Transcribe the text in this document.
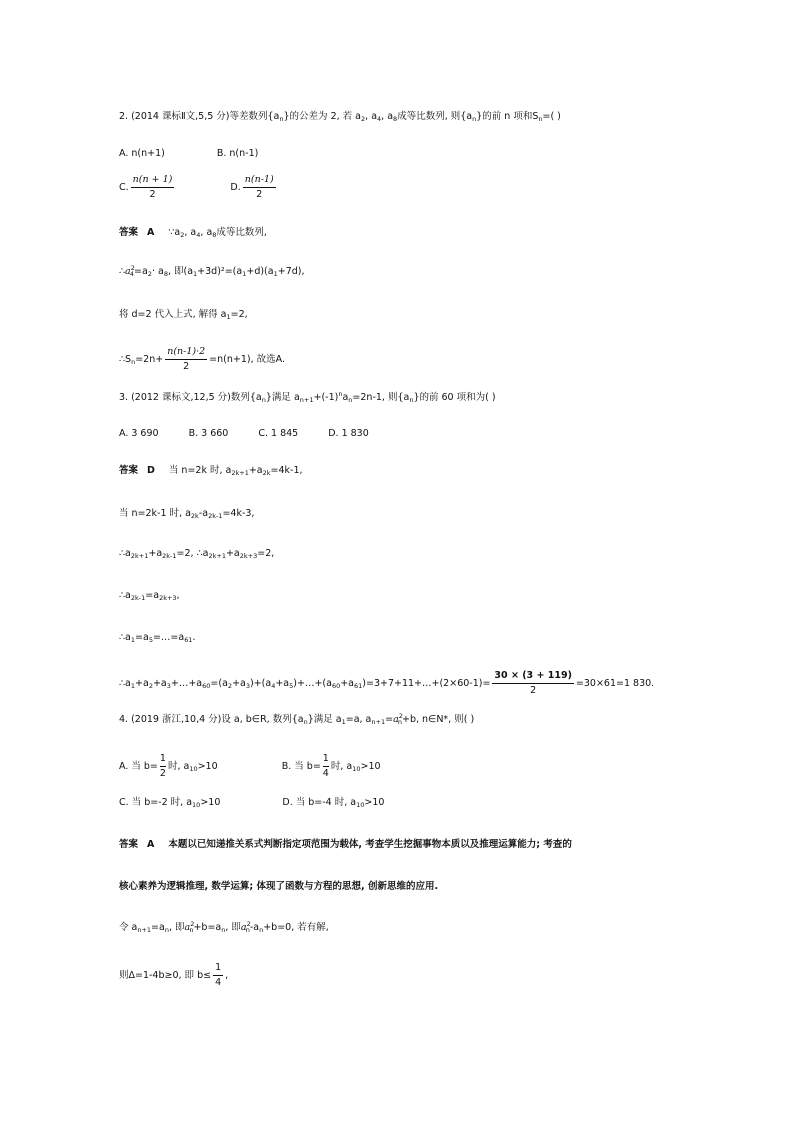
2. (2014 课标Ⅱ文,5,5 分)等差数列$\{a_n\}$的公差为 2, 若 $a_2$, $a_4$, $a_8$成等比数列, 则$\{a_n\}$的前 n 项和$S_n=$( )
A. n(n+1)	B. n(n-1)
C. $\frac{n(n + 1)}{2}$	D. $\frac{n(n-1)}{2}$
答案 A $\because a_2$, $a_4$, $a_8$成等比数列,
$\therefore a^2_4=a_2\cdot a_8$, 即$(a_1+3d)^2=(a_1+d)(a_1+7d)$,
将 d=2 代入上式, 解得 $a_1=2$,
$\therefore S_n=2n+ \frac{n(n-1)\cdot 2}{2} =n(n+1)$, 故选A.
3. (2012 课标文,12,5 分)数列$\{a_n\}$满足 $a_{n+1}+(-1)^na_n=2n-1$, 则$\{a_n\}$的前 60 项和为( )
A. 3 690	B. 3 660	C. 1 845	D. 1 830
答案 D 当 n=2k 时, $a_{2k+1}+a_{2k}=4k-1$,
当 n=2k-1 时, $a_{2k}-a_{2k-1}=4k-3$,
$\therefore a_{2k+1}+a_{2k-1}=2$, $\therefore a_{2k+1}+a_{2k+3}=2$,
$\therefore a_{2k-1}=a_{2k+3}$,
$\therefore a_1=a_5=\dots=a_{61}$.
$\therefore a_1+a_2+a_3+\dots+a_{60}=(a_2+a_3)+(a_4+a_5)+\dots+(a_{60}+a_{61})=3+7+11+\dots+(2\times 60-1)= \frac{30 \times (3 + 119)}{2} =30\times 61=1$ 830.
4. (2019 浙江,10,4 分)设 a, b∈R, 数列$\{a_n\}$满足 $a_1=a$, $a_{n+1}=a^2_n+b$, n∈N*, 则( )
A. 当 $b= \frac{1}{2}$ 时, $a_{10}>10$	B. 当 $b= \frac{1}{4}$ 时, $a_{10}>10$
C. 当 b=-2 时, $a_{10}>10$	D. 当 b=-4 时, $a_{10}>10$
答案 A 本题以已知递推关系式判断指定项范围为载体, 考查学生挖掘事物本质以及推理运算能力; 考查的
核心素养为逻辑推理, 数学运算; 体现了函数与方程的思想, 创新思维的应用.
令 $a_{n+1}=a_n$, 即$a^2_n+b=a_n$, 即$a^2_n-a_n+b=0$, 若有解,
则Δ=1-4b≥0, 即 $b\le \frac{1}{4}$ ,
